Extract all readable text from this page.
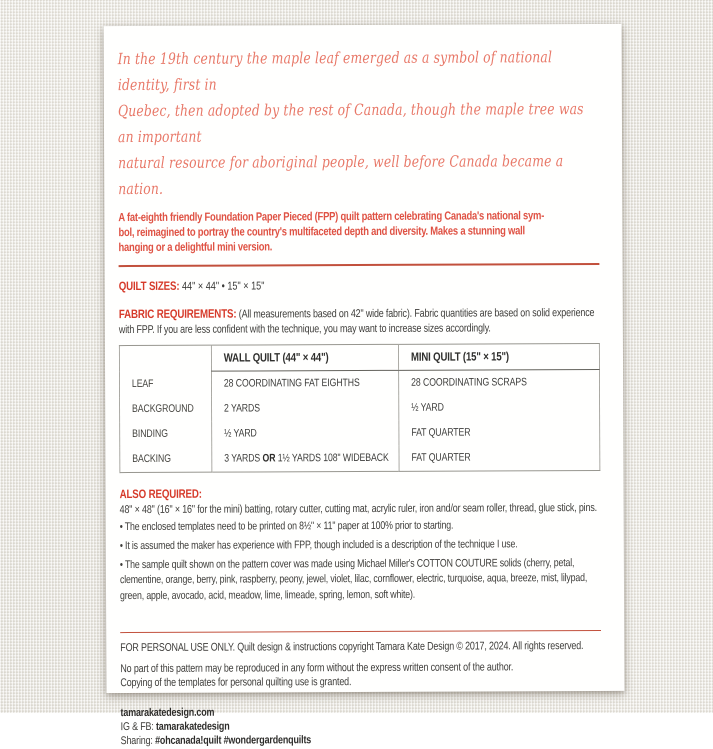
In the 19th century the maple leaf emerged as a symbol of national identity, first in
Quebec, then adopted by the rest of Canada, though the maple tree was an important
natural resource for aboriginal people, well before Canada became a nation.
A fat-eighth friendly Foundation Paper Pieced (FPP) quilt pattern celebrating Canada's national sym-
bol, reimagined to portray the country's multifaceted depth and diversity. Makes a stunning wall
hanging or a delightful mini version.

QUILT SIZES: 44" × 44" • 15" × 15"

FABRIC REQUIREMENTS: (All measurements based on 42" wide fabric). Fabric quantities are based on solid experience with FPP. If you are less confident with the technique, you may want to increase sizes accordingly.

	WALL QUILT (44" × 44")	MINI QUILT (15" × 15")
LEAF	28 COORDINATING FAT EIGHTHS	28 COORDINATING SCRAPS
BACKGROUND	2 YARDS	½ YARD
BINDING	½ YARD	FAT QUARTER
BACKING	3 YARDS OR 1½ YARDS 108" WIDEBACK	FAT QUARTER

ALSO REQUIRED:

48" × 48" (16" × 16" for the mini) batting, rotary cutter, cutting mat, acrylic ruler, iron and/or seam roller, thread, glue stick, pins.

• The enclosed templates need to be printed on 8½" × 11" paper at 100% prior to starting.

• It is assumed the maker has experience with FPP, though included is a description of the technique I use.

• The sample quilt shown on the pattern cover was made using Michael Miller's COTTON COUTURE solids (cherry, petal, clementine, orange, berry, pink, raspberry, peony, jewel, violet, lilac, cornflower, electric, turquoise, aqua, breeze, mist, lilypad, green, apple, avocado, acid, meadow, lime, limeade, spring, lemon, soft white).

FOR PERSONAL USE ONLY. Quilt design & instructions copyright Tamara Kate Design © 2017, 2024. All rights reserved.

No part of this pattern may be reproduced in any form without the express written consent of the author.
Copying of the templates for personal quilting use is granted.
tamarakatedesign.com
IG & FB: tamarakatedesign
Sharing: #ohcanada!quilt #wondergardenquilts
